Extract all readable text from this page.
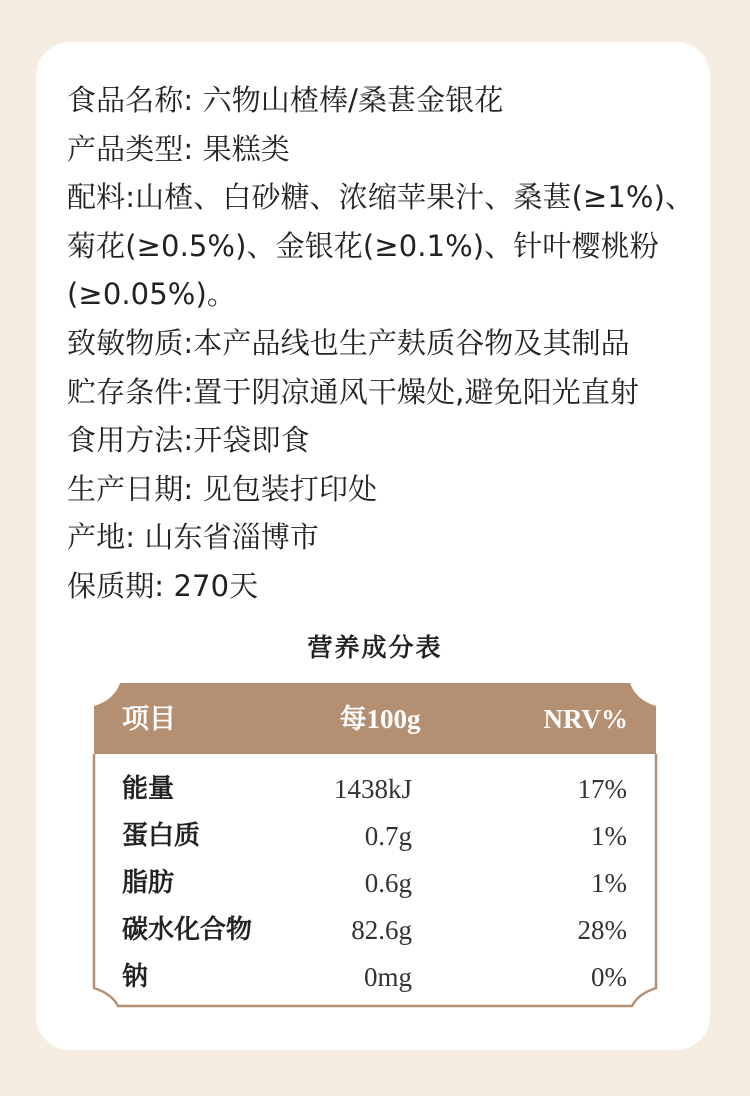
食品名称: 六物山楂棒/桑葚金银花
产品类型: 果糕类
配料:山楂、白砂糖、浓缩苹果汁、桑葚(≥1%)、菊花(≥0.5%)、金银花(≥0.1%)、针叶樱桃粉(≥0.05%)。
致敏物质:本产品线也生产麸质谷物及其制品
贮存条件:置于阴凉通风干燥处,避免阳光直射
食用方法:开袋即食
生产日期: 见包装打印处
产地: 山东省淄博市
保质期: 270天
营养成分表
项目	每100g	NRV%
能量	1438kJ	17%
蛋白质	0.7g	1%
脂肪	0.6g	1%
碳水化合物	82.6g	28%
钠	0mg	0%
